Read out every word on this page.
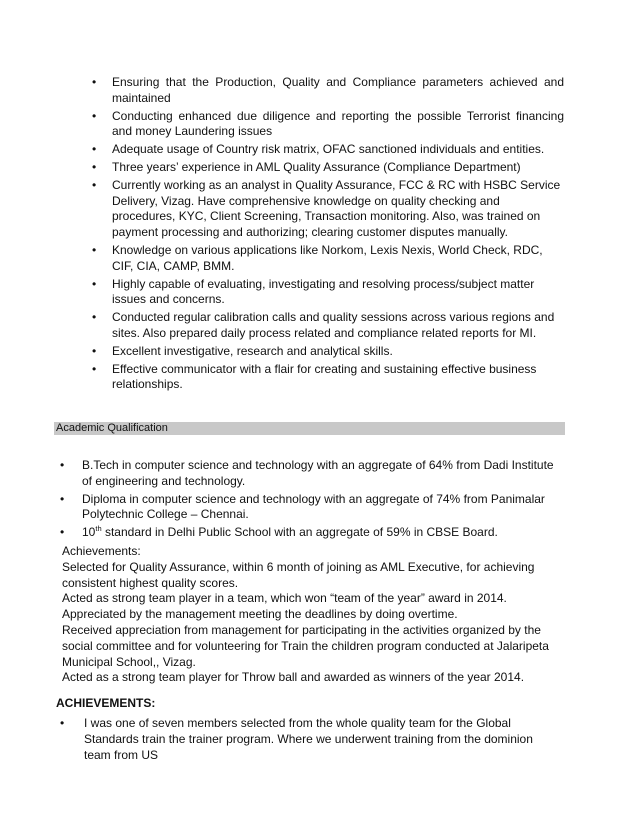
• Ensuring that the Production, Quality and Compliance parameters achieved and maintained
• Conducting enhanced due diligence and reporting the possible Terrorist financing and money Laundering issues
• Adequate usage of Country risk matrix, OFAC sanctioned individuals and entities.
• Three years’ experience in AML Quality Assurance (Compliance Department)
• Currently working as an analyst in Quality Assurance, FCC & RC with HSBC Service Delivery, Vizag. Have comprehensive knowledge on quality checking and procedures, KYC, Client Screening, Transaction monitoring. Also, was trained on payment processing and authorizing; clearing customer disputes manually.
• Knowledge on various applications like Norkom, Lexis Nexis, World Check, RDC, CIF, CIA, CAMP, BMM.
• Highly capable of evaluating, investigating and resolving process/subject matter issues and concerns.
• Conducted regular calibration calls and quality sessions across various regions and sites. Also prepared daily process related and compliance related reports for MI.
• Excellent investigative, research and analytical skills.
• Effective communicator with a flair for creating and sustaining effective business relationships.
Academic Qualification
• B.Tech in computer science and technology with an aggregate of 64% from Dadi Institute of engineering and technology.
• Diploma in computer science and technology with an aggregate of 74% from Panimalar Polytechnic College – Chennai.
• 10th standard in Delhi Public School with an aggregate of 59% in CBSE Board.

Achievements:

Selected for Quality Assurance, within 6 month of joining as AML Executive, for achieving consistent highest quality scores.

Acted as strong team player in a team, which won “team of the year” award in 2014.

Appreciated by the management meeting the deadlines by doing overtime.

Received appreciation from management for participating in the activities organized by the social committee and for volunteering for Train the children program conducted at Jalaripeta Municipal School,, Vizag.

Acted as a strong team player for Throw ball and awarded as winners of the year 2014.

ACHIEVEMENTS:
• I was one of seven members selected from the whole quality team for the Global Standards train the trainer program. Where we underwent training from the dominion team from US
